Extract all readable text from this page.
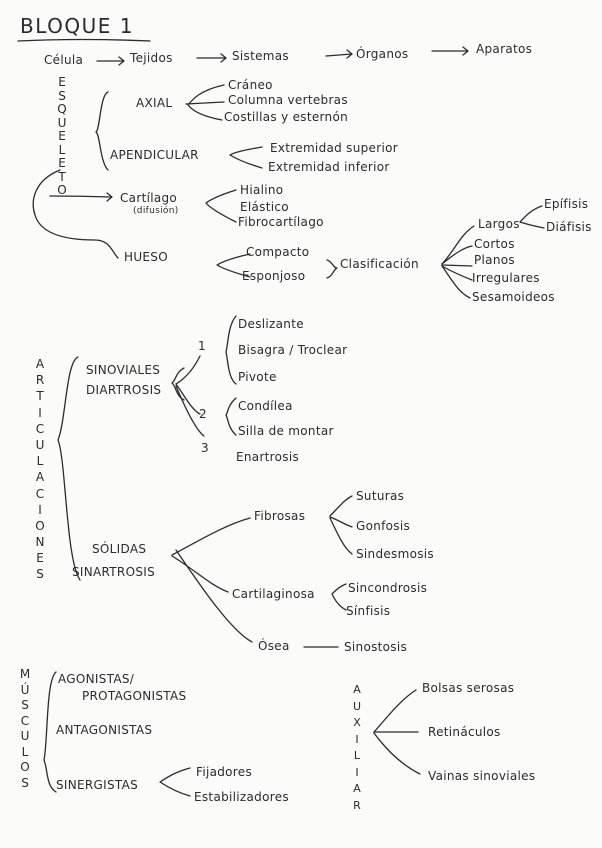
BLOQUE 1
Célula	Tejidos	Sistemas	Órganos	Aparatos
E
S
Q
U
E
L
E
T
O
AXIAL
Cráneo
Columna vertebras
Costillas y esternón
APENDICULAR	Extremidad superior
Extremidad inferior
Cartílago
(difusión)
Hialino
Elástico
Fibrocartílago
HUESO	Compacto
Esponjoso
Clasificación
Largos
Cortos
Planos
Irregulares
Sesamoideos
Epífisis
Diáfisis
A
R
T
I
C
U
L
A
C
I
O
N
E
S
SINOVIALES
DIARTROSIS
1
2
3
Deslizante
Bisagra / Troclear
Pivote
Condílea
Silla de montar
Enartrosis
SÓLIDAS
SINARTROSIS
Fibrosas
Suturas
Gonfosis
Sindesmosis
Cartilaginosa	Sincondrosis
Sínfisis
Ósea	Sinostosis
M
Ú
S
C
U
L
O
S
AGONISTAS/
PROTAGONISTAS
ANTAGONISTAS
SINERGISTAS
Fijadores
Estabilizadores
A
U
X
I
L
I
A
R
Bolsas serosas
Retináculos
Vainas sinoviales
